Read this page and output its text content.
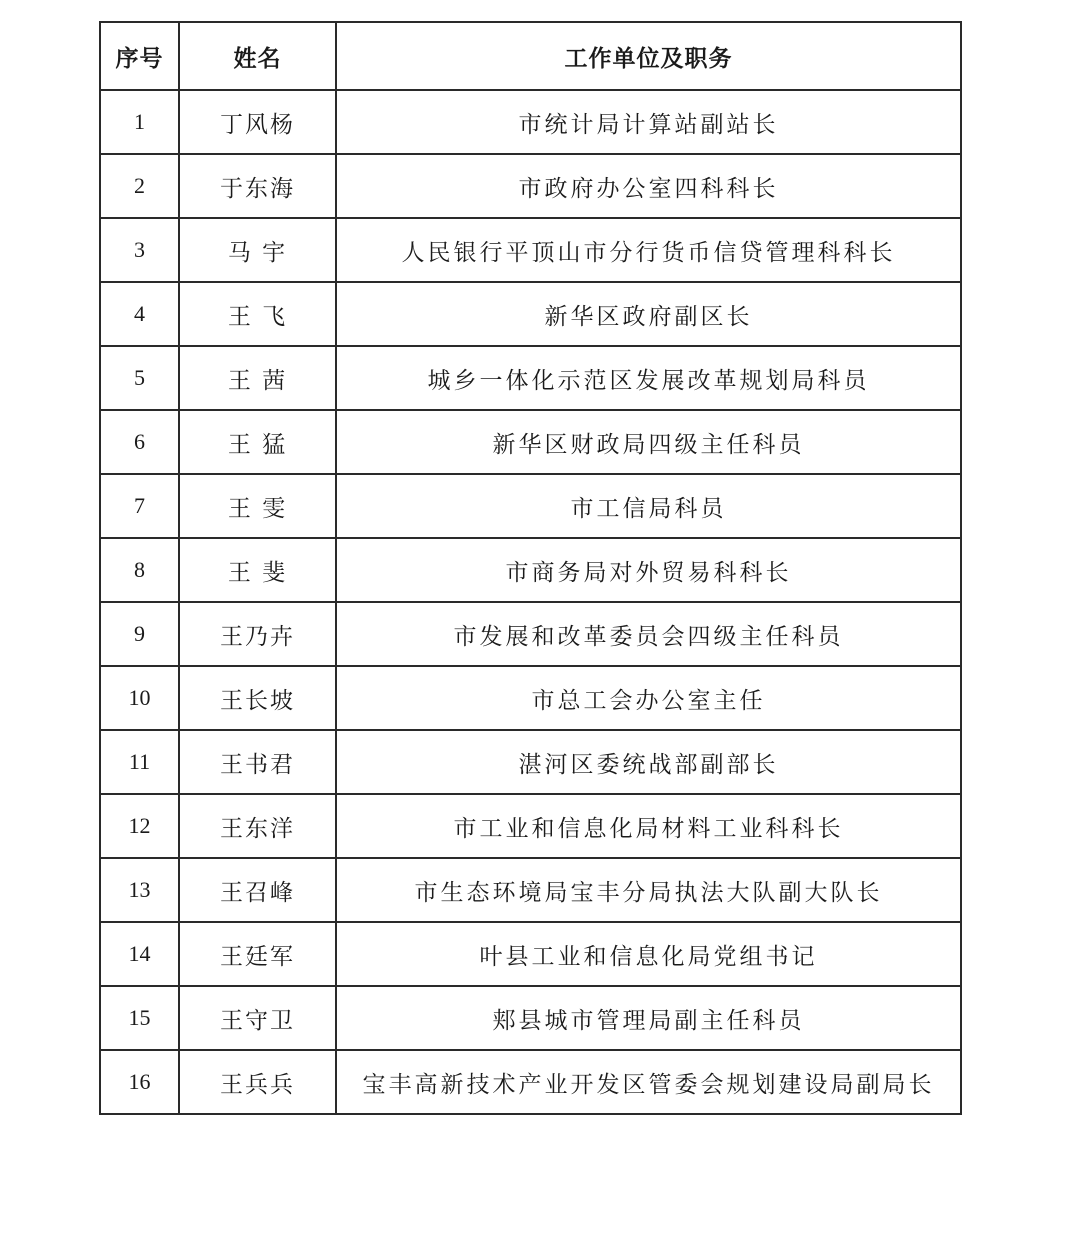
序号	姓名	工作单位及职务
1	丁风杨	市统计局计算站副站长
2	于东海	市政府办公室四科科长
3	马 宇	人民银行平顶山市分行货币信贷管理科科长
4	王 飞	新华区政府副区长
5	王 茜	城乡一体化示范区发展改革规划局科员
6	王 猛	新华区财政局四级主任科员
7	王 雯	市工信局科员
8	王 斐	市商务局对外贸易科科长
9	王乃卉	市发展和改革委员会四级主任科员
10	王长坡	市总工会办公室主任
11	王书君	湛河区委统战部副部长
12	王东洋	市工业和信息化局材料工业科科长
13	王召峰	市生态环境局宝丰分局执法大队副大队长
14	王廷军	叶县工业和信息化局党组书记
15	王守卫	郏县城市管理局副主任科员
16	王兵兵	宝丰高新技术产业开发区管委会规划建设局副局长
